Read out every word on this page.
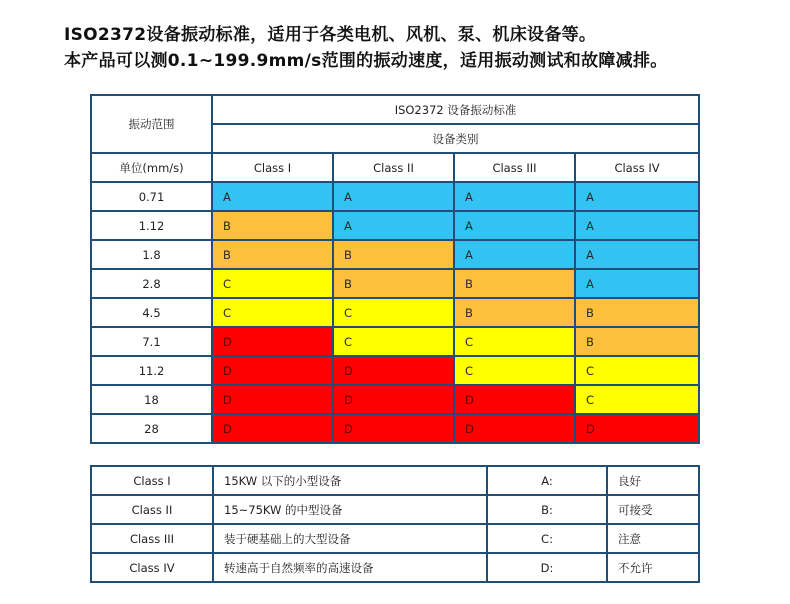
ISO2372设备振动标准，适用于各类电机、风机、泵、机床设备等。
本产品可以测0.1~199.9mm/s范围的振动速度，适用振动测试和故障减排。
振动范围	ISO2372 设备振动标准			
	设备类别			
单位(mm/s)	Class I	Class II	Class III	Class IV
0.71	A	A	A	A
1.12	B	A	A	A
1.8	B	B	A	A
2.8	C	B	B	A
4.5	C	C	B	B
7.1	D	C	C	B
11.2	D	D	C	C
18	D	D	D	C
28	D	D	D	D
Class I	15KW 以下的小型设备	A:	良好
Class II	15~75KW 的中型设备	B:	可接受
Class III	装于硬基础上的大型设备	C:	注意
Class IV	转速高于自然频率的高速设备	D:	不允许
